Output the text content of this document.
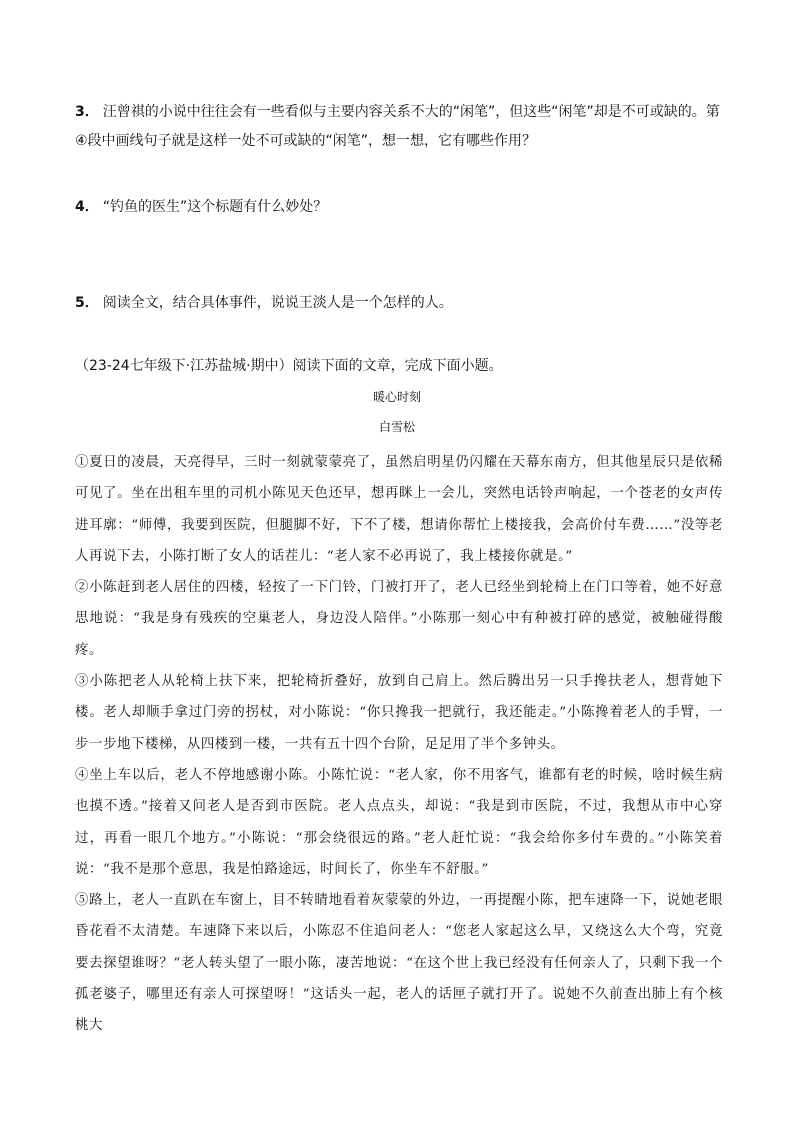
3． 汪曾祺的小说中往往会有一些看似与主要内容关系不大的“闲笔”，但这些“闲笔”却是不可或缺的。第④段中画线句子就是这样一处不可或缺的“闲笔”，想一想，它有哪些作用？
4． “钓鱼的医生”这个标题有什么妙处？
5． 阅读全文，结合具体事件，说说王淡人是一个怎样的人。
（23-24七年级下·江苏盐城·期中）阅读下面的文章，完成下面小题。
暖心时刻
白雪松

①夏日的凌晨，天亮得早，三时一刻就蒙蒙亮了，虽然启明星仍闪耀在天幕东南方，但其他星辰只是依稀可见了。坐在出租车里的司机小陈见天色还早，想再眯上一会儿，突然电话铃声响起，一个苍老的女声传进耳廓：“师傅，我要到医院，但腿脚不好，下不了楼，想请你帮忙上楼接我，会高价付车费……”没等老人再说下去，小陈打断了女人的话茬儿：“老人家不必再说了，我上楼接你就是。”

②小陈赶到老人居住的四楼，轻按了一下门铃，门被打开了，老人已经坐到轮椅上在门口等着，她不好意思地说：“我是身有残疾的空巢老人，身边没人陪伴。”小陈那一刻心中有种被打碎的感觉，被触碰得酸疼。

③小陈把老人从轮椅上扶下来，把轮椅折叠好，放到自己肩上。然后腾出另一只手搀扶老人，想背她下楼。老人却顺手拿过门旁的拐杖，对小陈说：“你只搀我一把就行，我还能走。”小陈搀着老人的手臂，一步一步地下楼梯，从四楼到一楼，一共有五十四个台阶，足足用了半个多钟头。

④坐上车以后，老人不停地感谢小陈。小陈忙说：“老人家，你不用客气，谁都有老的时候，啥时候生病也摸不透。”接着又问老人是否到市医院。老人点点头，却说：“我是到市医院，不过，我想从市中心穿过，再看一眼几个地方。”小陈说：“那会绕很远的路。”老人赶忙说：“我会给你多付车费的。”小陈笑着说：“我不是那个意思，我是怕路途远，时间长了，你坐车不舒服。”

⑤路上，老人一直趴在车窗上，目不转睛地看着灰蒙蒙的外边，一再提醒小陈，把车速降一下，说她老眼昏花看不太清楚。车速降下来以后，小陈忍不住追问老人：“您老人家起这么早，又绕这么大个弯，究竟要去探望谁呀？”老人转头望了一眼小陈，凄苦地说：“在这个世上我已经没有任何亲人了，只剩下我一个孤老婆子，哪里还有亲人可探望呀！”这话头一起，老人的话匣子就打开了。说她不久前查出肺上有个核桃大
